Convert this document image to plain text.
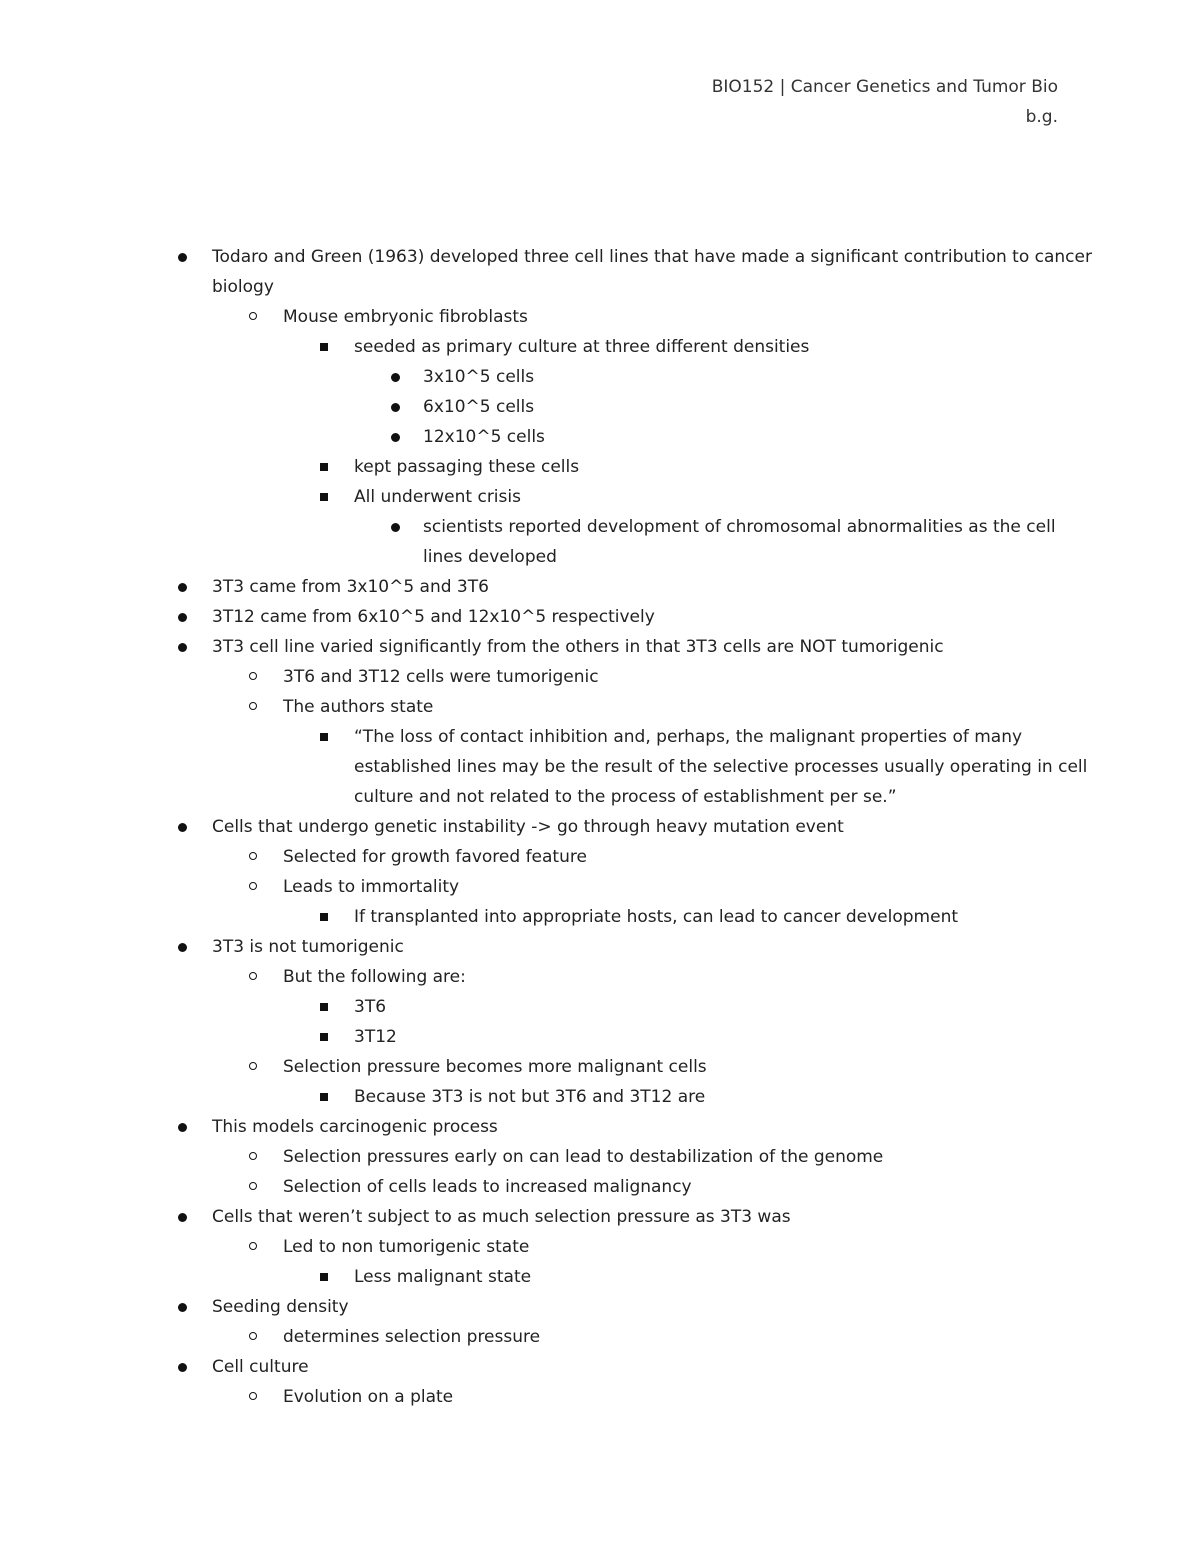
BIO152 | Cancer Genetics and Tumor Bio
b.g.
Todaro and Green (1963) developed three cell lines that have made a significant contribution to cancer
biology
Mouse embryonic fibroblasts
seeded as primary culture at three different densities
3x10^5 cells
6x10^5 cells
12x10^5 cells
kept passaging these cells
All underwent crisis
scientists reported development of chromosomal abnormalities as the cell
lines developed
3T3 came from 3x10^5 and 3T6
3T12 came from 6x10^5 and 12x10^5 respectively
3T3 cell line varied significantly from the others in that 3T3 cells are NOT tumorigenic
3T6 and 3T12 cells were tumorigenic
The authors state
“The loss of contact inhibition and, perhaps, the malignant properties of many
established lines may be the result of the selective processes usually operating in cell
culture and not related to the process of establishment per se.”
Cells that undergo genetic instability -> go through heavy mutation event
Selected for growth favored feature
Leads to immortality
If transplanted into appropriate hosts, can lead to cancer development
3T3 is not tumorigenic
But the following are:
3T6
3T12
Selection pressure becomes more malignant cells
Because 3T3 is not but 3T6 and 3T12 are
This models carcinogenic process
Selection pressures early on can lead to destabilization of the genome
Selection of cells leads to increased malignancy
Cells that weren’t subject to as much selection pressure as 3T3 was
Led to non tumorigenic state
Less malignant state
Seeding density
determines selection pressure
Cell culture
Evolution on a plate
